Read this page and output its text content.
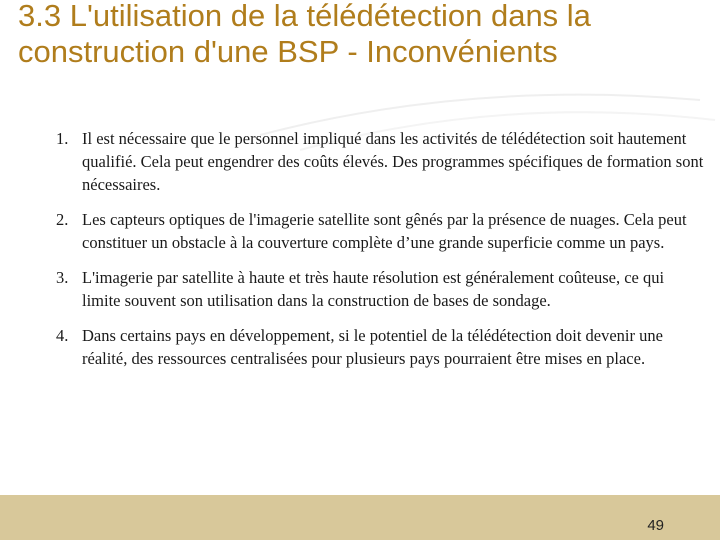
3.3 L'utilisation de la télédétection dans la construction d'une BSP - Inconvénients
1. Il est nécessaire que le personnel impliqué dans les activités de télédétection soit hautement qualifié. Cela peut engendrer des coûts élevés. Des programmes spécifiques de formation sont nécessaires.
2. Les capteurs optiques de l'imagerie satellite sont gênés par la présence de nuages. Cela peut constituer un obstacle à la couverture complète d’une grande superficie comme un pays.
3. L'imagerie par satellite à haute et très haute résolution est généralement coûteuse, ce qui limite souvent son utilisation dans la construction de bases de sondage.
4. Dans certains pays en développement, si le potentiel de la télédétection doit devenir une réalité, des ressources centralisées pour plusieurs pays pourraient être mises en place.
49
